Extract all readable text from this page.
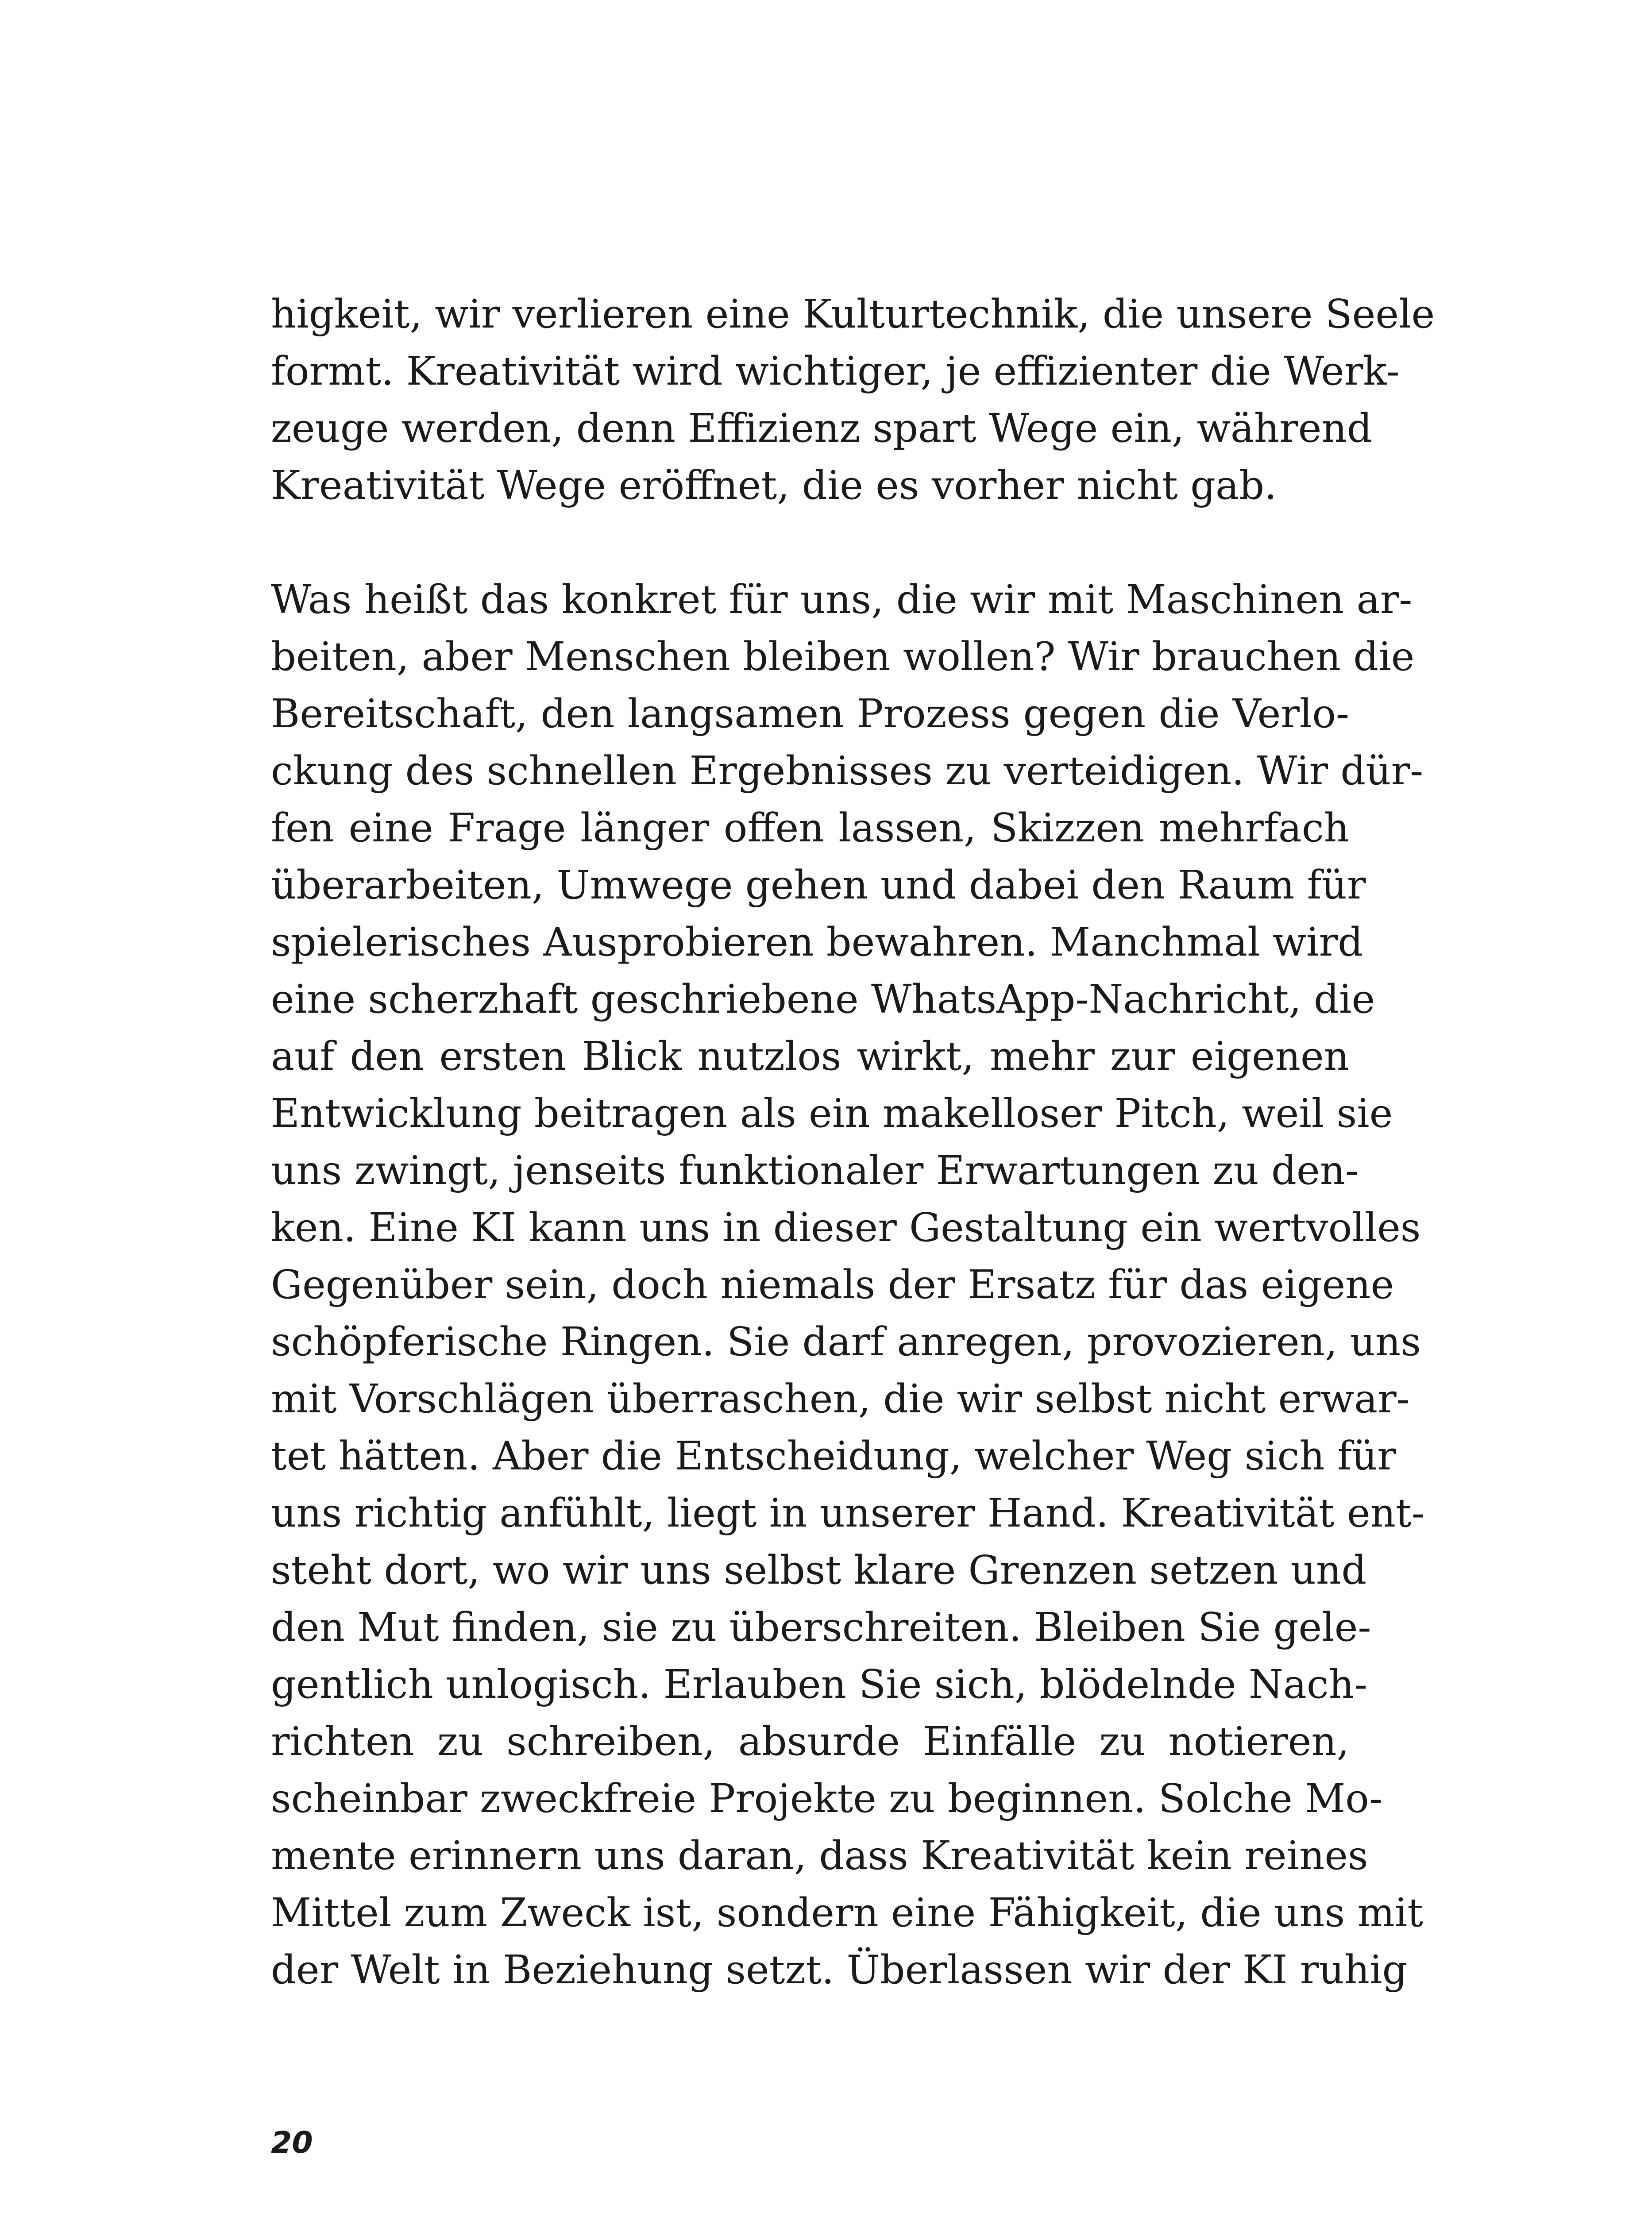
higkeit, wir verlieren eine Kulturtechnik, die unsere Seele
formt. Kreativität wird wichtiger, je effizienter die Werk-
zeuge werden, denn Effizienz spart Wege ein, während
Kreativität Wege eröffnet, die es vorher nicht gab.
Was heißt das konkret für uns, die wir mit Maschinen ar-
beiten, aber Menschen bleiben wollen? Wir brauchen die
Bereitschaft, den langsamen Prozess gegen die Verlo-
ckung des schnellen Ergebnisses zu verteidigen. Wir dür-
fen eine Frage länger offen lassen, Skizzen mehrfach
überarbeiten, Umwege gehen und dabei den Raum für
spielerisches Ausprobieren bewahren. Manchmal wird
eine scherzhaft geschriebene WhatsApp-Nachricht, die
auf den ersten Blick nutzlos wirkt, mehr zur eigenen
Entwicklung beitragen als ein makelloser Pitch, weil sie
uns zwingt, jenseits funktionaler Erwartungen zu den-
ken. Eine KI kann uns in dieser Gestaltung ein wertvolles
Gegenüber sein, doch niemals der Ersatz für das eigene
schöpferische Ringen. Sie darf anregen, provozieren, uns
mit Vorschlägen überraschen, die wir selbst nicht erwar-
tet hätten. Aber die Entscheidung, welcher Weg sich für
uns richtig anfühlt, liegt in unserer Hand. Kreativität ent-
steht dort, wo wir uns selbst klare Grenzen setzen und
den Mut finden, sie zu überschreiten. Bleiben Sie gele-
gentlich unlogisch. Erlauben Sie sich, blödelnde Nach-
richten zu schreiben, absurde Einfälle zu notieren,
scheinbar zweckfreie Projekte zu beginnen. Solche Mo-
mente erinnern uns daran, dass Kreativität kein reines
Mittel zum Zweck ist, sondern eine Fähigkeit, die uns mit
der Welt in Beziehung setzt. Überlassen wir der KI ruhig
20
